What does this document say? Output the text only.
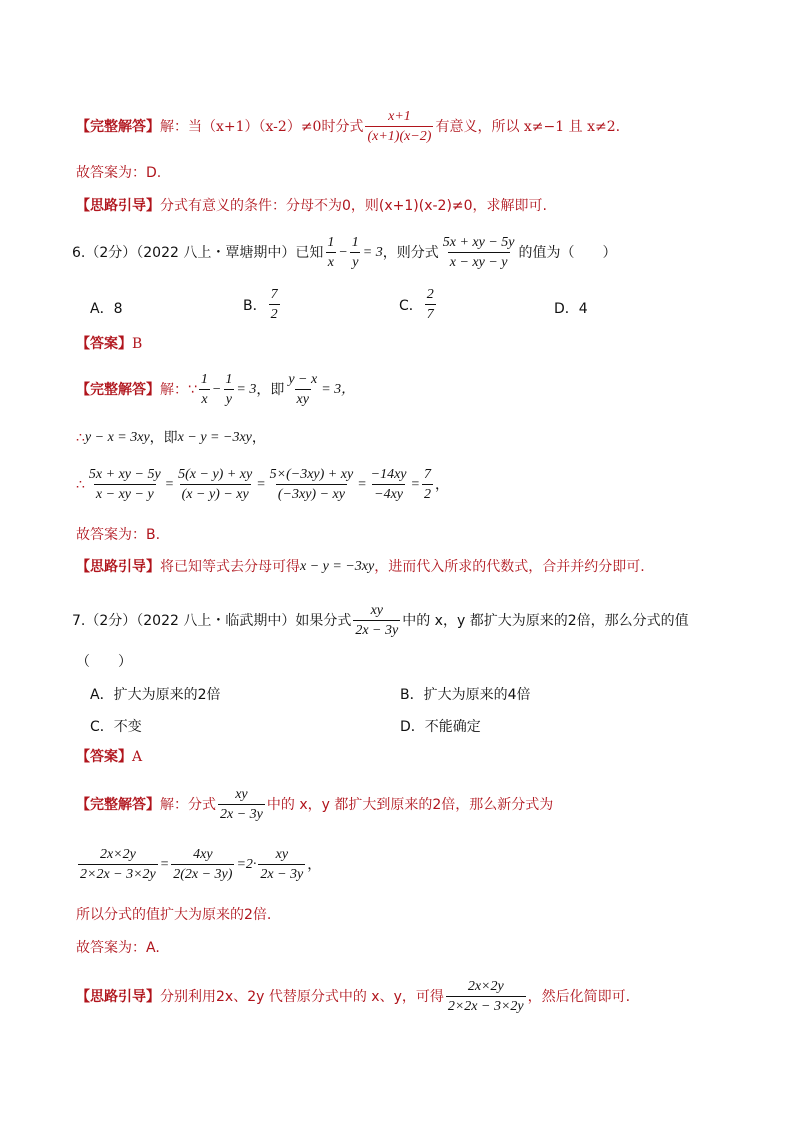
【完整解答】 解：当（x+1）（x-2）≠0时分式 $\frac{x+1}{(x+1)(x-2)}$ 有意义，所以 x≠−1 且 x≠2.
故答案为：D.
【思路引导】 分式有意义的条件：分母不为0，则(x+1)(x-2)≠0，求解即可.
6.（2分）（2022 八上・覃塘期中）已知 $\frac{1}{x} - \frac{1}{y} = 3$ ，则分式 $\frac{5x + xy - 5y}{x - xy - y}$ 的值为（　　）
A．8	B． $\frac{7}{2}$	C． $\frac{2}{7}$	D．4
【答案】 B
【完整解答】 解：∵ $\frac{1}{x} - \frac{1}{y} = 3$ ，即 $\frac{y - x}{xy} = 3$，
∴ y − x = 3xy ，即 x − y = −3xy ，
∴ $\frac{5x + xy - 5y}{x - xy - y} = \frac{5(x - y) + xy}{(x - y) - xy} = \frac{5\times(-3xy) + xy}{(-3xy) - xy} = \frac{-14xy}{-4xy} = \frac{7}{2}$ ，
故答案为：B.
【思路引导】 将已知等式去分母可得 x − y = −3xy ，进而代入所求的代数式，合并并约分即可.
7.（2分）（2022 八上・临武期中）如果分式 $\frac{xy}{2x - 3y}$ 中的 x，y 都扩大为原来的2倍，那么分式的值
（　　）
A．扩大为原来的2倍	B．扩大为原来的4倍
C．不变	D．不能确定
【答案】 A
【完整解答】 解：分式 $\frac{xy}{2x - 3y}$ 中的 x，y 都扩大到原来的2倍，那么新分式为
$\frac{2x\times 2y}{2\times 2x - 3\times 2y} = \frac{4xy}{2(2x - 3y)} =2\cdot \frac{xy}{2x - 3y}$ ，
所以分式的值扩大为原来的2倍.
故答案为：A.
【思路引导】 分别利用2x、2y 代替原分式中的 x、y，可得 $\frac{2x\times 2y}{2\times 2x - 3\times 2y}$ ，然后化简即可.
